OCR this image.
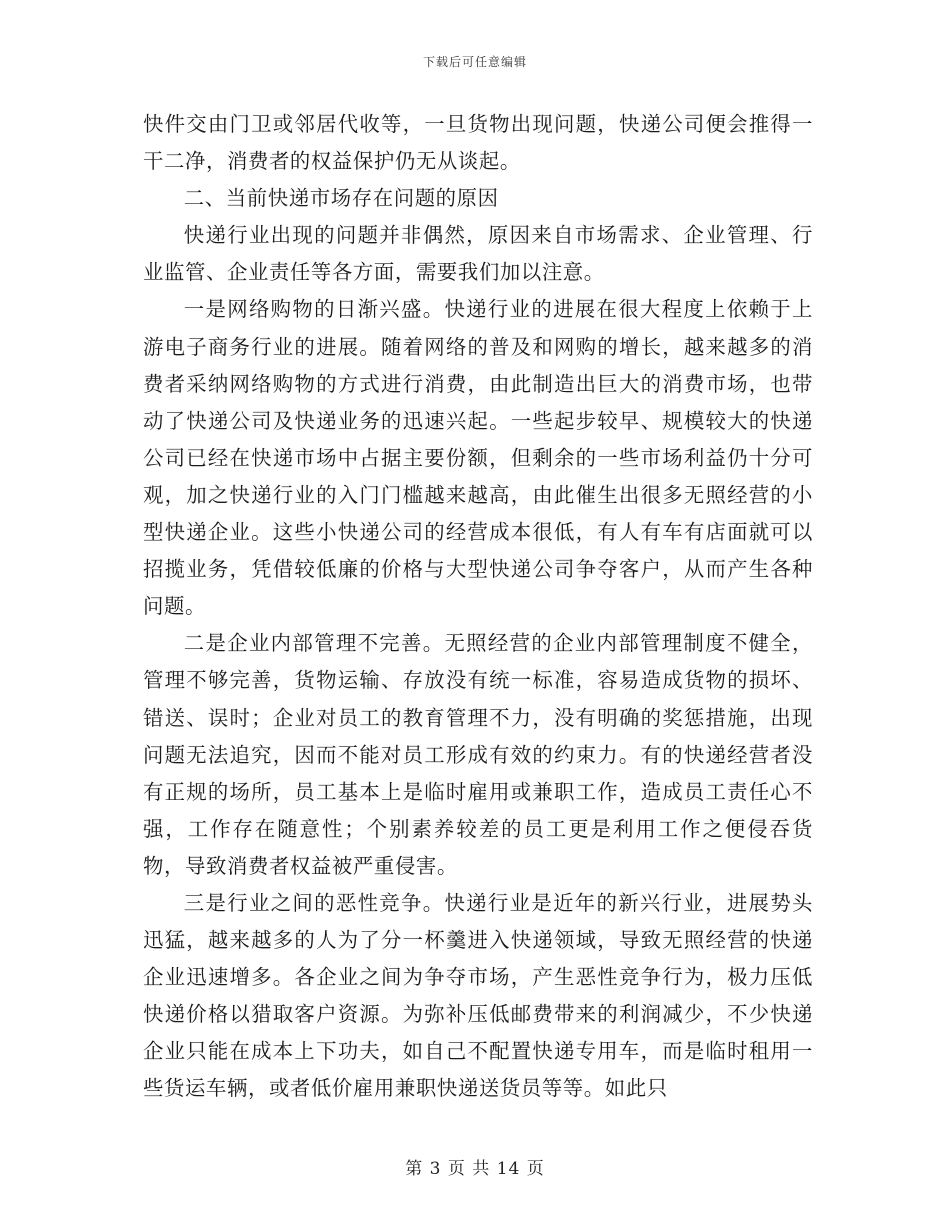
下载后可任意编辑

快件交由门卫或邻居代收等，一旦货物出现问题，快递公司便会推得一干二净，消费者的权益保护仍无从谈起。

二、当前快递市场存在问题的原因

快递行业出现的问题并非偶然，原因来自市场需求、企业管理、行业监管、企业责任等各方面，需要我们加以注意。

一是网络购物的日渐兴盛。快递行业的进展在很大程度上依赖于上游电子商务行业的进展。随着网络的普及和网购的增长，越来越多的消费者采纳网络购物的方式进行消费，由此制造出巨大的消费市场，也带动了快递公司及快递业务的迅速兴起。一些起步较早、规模较大的快递公司已经在快递市场中占据主要份额，但剩余的一些市场利益仍十分可观，加之快递行业的入门门槛越来越高，由此催生出很多无照经营的小型快递企业。这些小快递公司的经营成本很低，有人有车有店面就可以招揽业务，凭借较低廉的价格与大型快递公司争夺客户，从而产生各种问题。

二是企业内部管理不完善。无照经营的企业内部管理制度不健全，管理不够完善，货物运输、存放没有统一标准，容易造成货物的损坏、错送、误时；企业对员工的教育管理不力，没有明确的奖惩措施，出现问题无法追究，因而不能对员工形成有效的约束力。有的快递经营者没有正规的场所，员工基本上是临时雇用或兼职工作，造成员工责任心不强，工作存在随意性；个别素养较差的员工更是利用工作之便侵吞货物，导致消费者权益被严重侵害。

三是行业之间的恶性竞争。快递行业是近年的新兴行业，进展势头迅猛，越来越多的人为了分一杯羹进入快递领域，导致无照经营的快递企业迅速增多。各企业之间为争夺市场，产生恶性竞争行为，极力压低快递价格以猎取客户资源。为弥补压低邮费带来的利润减少，不少快递企业只能在成本上下功夫，如自己不配置快递专用车，而是临时租用一些货运车辆，或者低价雇用兼职快递送货员等等。如此只

第 3 页 共 14 页
